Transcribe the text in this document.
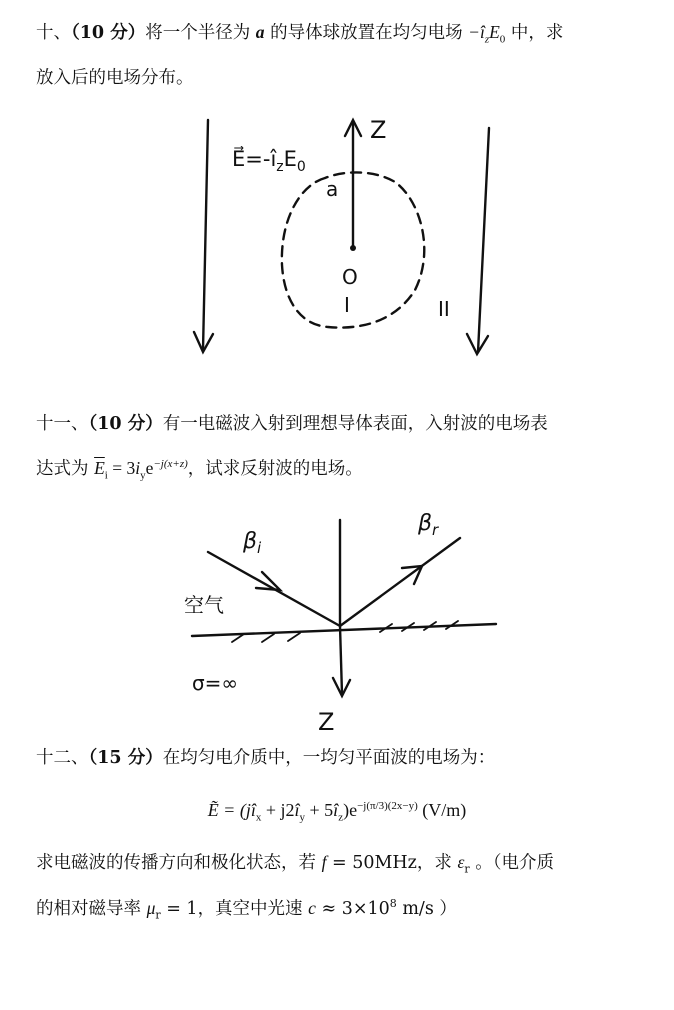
十、（10 分）将一个半径为 a 的导体球放置在均匀电场 $-î_zE_0$ 中，求
放入后的电场分布。
$E⃗=-î_zE_0$
Z
a
O
I	II
$\beta_i$
$\beta_r$
空气
σ=∞
Z
十一、（10 分）有一电磁波入射到理想导体表面，入射波的电场表
达式为 $\overline{E}_i = 3i_ye^{-j(x+z)}$，试求反射波的电场。
十二、（15 分）在均匀电介质中，一均匀平面波的电场为：
Ẽ = ($jî_x$ + $j2î_y$ + $5î_z)e^{-j(\pi/3)(2x-y)}$ (V/m)
求电磁波的传播方向和极化状态，若 f = 50MHz，求 $\varepsilon_r$ 。（电介质
的相对磁导率 $\mu_r = 1$，真空中光速 $c \approx 3\times 10^8$ m/s ）
